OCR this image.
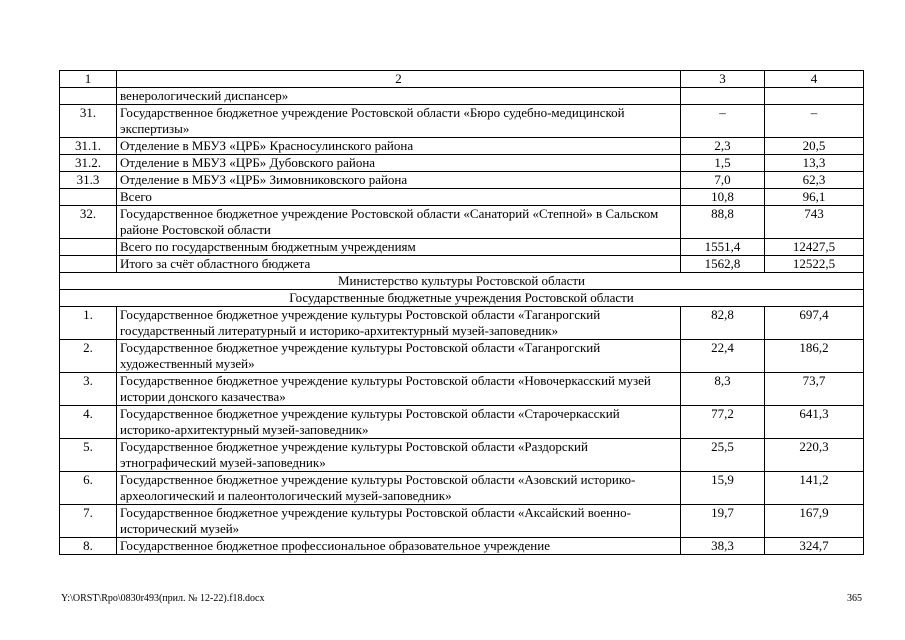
1	2	3	4
	венерологический диспансер»		
31.	Государственное бюджетное учреждение Ростовской области «Бюро судебно-медицинской экспертизы»	–	–
31.1.	Отделение в МБУЗ «ЦРБ» Красносулинского района	2,3	20,5
31.2.	Отделение в МБУЗ «ЦРБ» Дубовского района	1,5	13,3
31.3	Отделение в МБУЗ «ЦРБ» Зимовниковского района	7,0	62,3
	Всего	10,8	96,1
32.	Государственное бюджетное учреждение Ростовской области «Санаторий «Степной» в Сальском районе Ростовской области	88,8	743
	Всего по государственным бюджетным учреждениям	1551,4	12427,5
	Итого за счёт областного бюджета	1562,8	12522,5
Министерство культуры Ростовской области			
Государственные бюджетные учреждения Ростовской области			
1.	Государственное бюджетное учреждение культуры Ростовской области «Таганрогский государственный литературный и историко-архитектурный музей-заповедник»	82,8	697,4
2.	Государственное бюджетное учреждение культуры Ростовской области «Таганрогский художественный музей»	22,4	186,2
3.	Государственное бюджетное учреждение культуры Ростовской области «Новочеркасский музей истории донского казачества»	8,3	73,7
4.	Государственное бюджетное учреждение культуры Ростовской области «Старочеркасский историко-архитектурный музей-заповедник»	77,2	641,3
5.	Государственное бюджетное учреждение культуры Ростовской области «Раздорский этнографический музей-заповедник»	25,5	220,3
6.	Государственное бюджетное учреждение культуры Ростовской области «Азовский историко-археологический и палеонтологический музей-заповедник»	15,9	141,2
7.	Государственное бюджетное учреждение культуры Ростовской области «Аксайский военно-исторический музей»	19,7	167,9
8.	Государственное бюджетное профессиональное образовательное учреждение	38,3	324,7
Y:\ORST\Rpo\0830r493(прил. № 12-22).f18.docx	365
